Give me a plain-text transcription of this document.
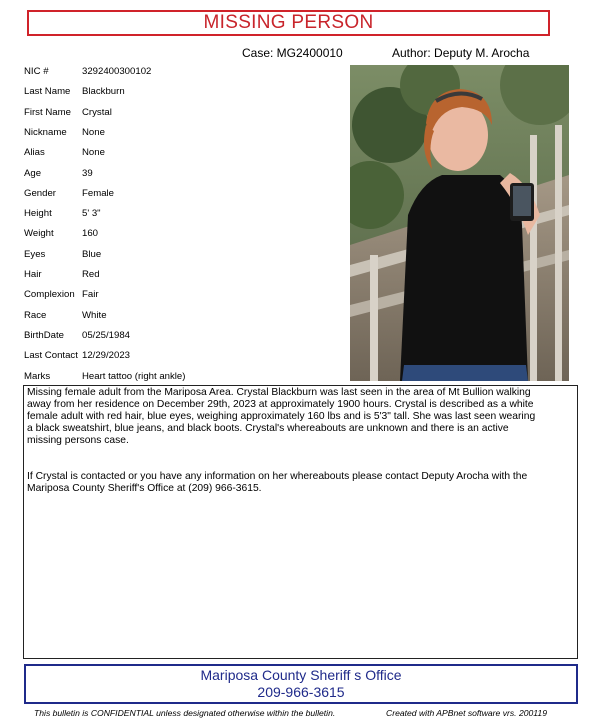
MISSING PERSON
Case: MG2400010	Author: Deputy M. Arocha
NIC #	3292400300102
Last Name Blackburn
First Name Crystal
Nickname None
Alias	None
Age	39
Gender	Female
Height	5' 3"
Weight	160
Eyes	Blue
Hair	Red
Complexion Fair
Race	White
BirthDate 05/25/1984
Last Contact 12/29/2023
Marks	Heart tattoo (right ankle)

Missing female adult from the Mariposa Area. Crystal Blackburn was last seen in the area of Mt Bullion walking

away from her residence on December 29th, 2023 at approximately 1900 hours. Crystal is described as a white

female adult with red hair, blue eyes, weighing approximately 160 lbs and is 5'3" tall. She was last seen wearing

a black sweatshirt, blue jeans, and black boots. Crystal's whereabouts are unknown and there is an active

missing persons case.

If Crystal is contacted or you have any information on her whereabouts please contact Deputy Arocha with the

Mariposa County Sheriff's Office at (209) 966-3615.

Mariposa County Sheriff s Office
209-966-3615
This bulletin is CONFIDENTIAL unless designated otherwise within the bulletin.	Created with APBnet software vrs. 200119
